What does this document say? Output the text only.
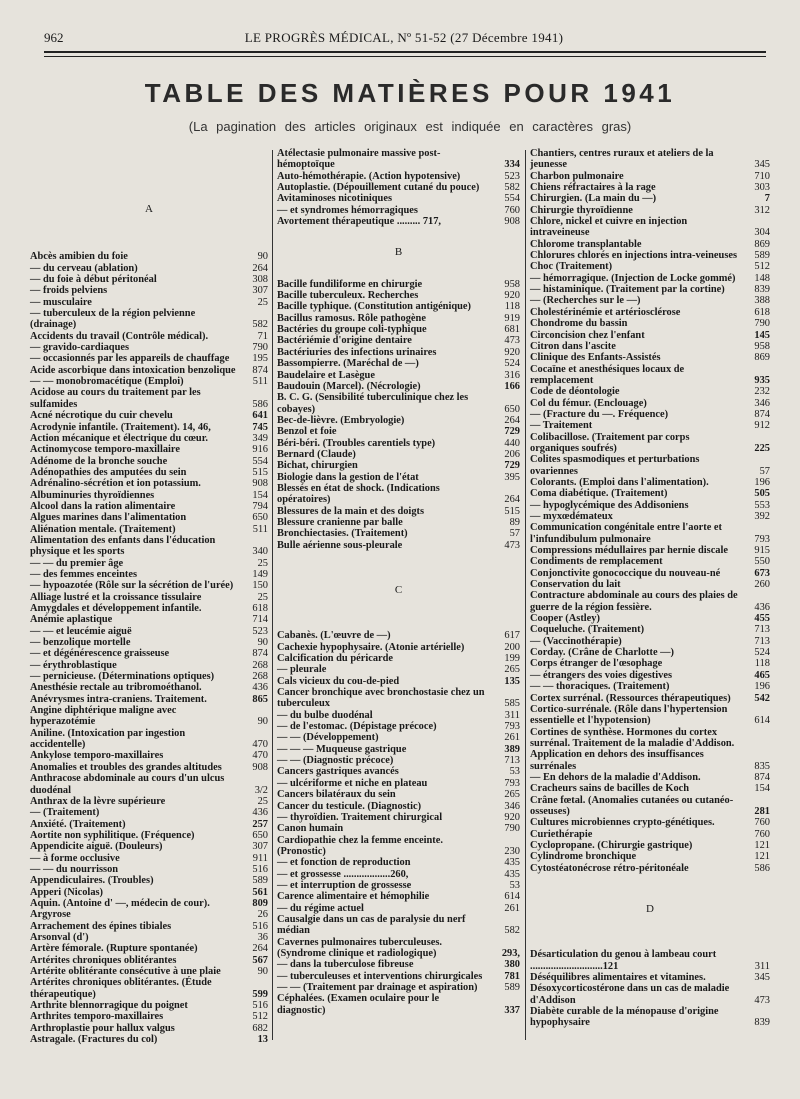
962	LE PROGRÈS MÉDICAL, Nº 51-52 (27 Décembre 1941)
TABLE DES MATIÈRES POUR 1941
(La pagination des articles originaux est indiquée en caractères gras)
A
Abcès amibien du foie	90
— du cerveau (ablation)	264
— du foie à début péritonéal	308
— froids pelviens	307
— musculaire	25
— tuberculeux de la région pelvienne (drainage)	582
Accidents du travail (Contrôle médical).	71
— gravido-cardiaques	790
— occasionnés par les appareils de chauffage 195
Acide ascorbique dans intoxication benzolique 874
— — monobromacétique (Emploi)	511
Acidose au cours du traitement par les sulfamides	586
Acné nécrotique du cuir chevelu	641
Acrodynie infantile. (Traitement). 14, 46,	745
Action mécanique et électrique du cœur.	349
Actinomycose temporo-maxillaire	916
Adénome de la bronche souche	554
Adénopathies des amputées du sein	515
Adrénalino-sécrétion et ion potassium.	908
Albuminuries thyroïdiennes	154
Alcool dans la ration alimentaire	794
Algues marines dans l'alimentation	650
Aliénation mentale. (Traitement)	511
Alimentation des enfants dans l'éducation physique et les sports	340
— — du premier âge	25
— des femmes enceintes	149
— hypoazotée (Rôle sur la sécrétion de l'urée) 150
Alliage lustré et la croissance tissulaire	25
Amygdales et développement infantile.	618
Anémie aplastique	714
— — et leucémie aiguë	523
— benzolique mortelle	90
— et dégénérescence graisseuse	874
— érythroblastique	268
— pernicieuse. (Déterminations optiques)	268
Anesthésie rectale au tribromoéthanol.	436
Anévrysmes intra-craniens. Traitement.	865
Angine diphtérique maligne avec hyperazotémie	90
Aniline. (Intoxication par ingestion accidentelle)	470
Ankylose temporo-maxillaires	470
Anomalies et troubles des grandes altitudes	908
Anthracose abdominale au cours d'un ulcus duodénal	3/2
Anthrax de la lèvre supérieure	25
— (Traitement)	436
Anxiété. (Traitement)	257
Aortite non syphilitique. (Fréquence)	650
Appendicite aiguë. (Douleurs)	307
— à forme occlusive	911
— — du nourrisson	516
Appendiculaires. (Troubles)	589
Apperi (Nicolas)	561
Aquin. (Antoine d' —, médecin de cour).	809
Argyrose	26
Arrachement des épines tibiales	516
Arsonval (d')	36
Artère fémorale. (Rupture spontanée)	264
Artérites chroniques oblitérantes	567
Artérite oblitérante consécutive à une plaie	90
Artérites chroniques oblitérantes. (Étude thérapeutique)	599
Arthrite blennorragique du poignet	516
Arthrites temporo-maxillaires	512
Arthroplastie pour hallux valgus	682
Astragale. (Fractures du col)	13
Atélectasie pulmonaire massive post-hémoptoïque	334
Auto-hémothérapie. (Action hypotensive)	523
Autoplastie. (Dépouillement cutané du pouce) 582
Avitaminoses nicotiniques	554
— et syndromes hémorragiques	760
Avortement thérapeutique ......... 717,	908
B
Bacille fundiliforme en chirurgie	958
Bacille tuberculeux. Recherches	920
Bacille typhique. (Constitution antigénique)	118
Bacillus ramosus. Rôle pathogène	919
Bactéries du groupe coli-typhique	681
Bactériémie d'origine dentaire	473
Bactériuries des infections urinaires	920
Bassompierre. (Maréchal de —)	524
Baudelaire et Lasègue	316
Baudouin (Marcel). (Nécrologie)	166
B. C. G. (Sensibilité tuberculinique chez les cobayes)	650
Bec-de-lièvre. (Embryologie)	264
Benzol et foie	729
Béri-béri. (Troubles carentiels type)	440
Bernard (Claude)	206
Bichat, chirurgien	729
Biologie dans la gestion de l'état	395
Blessés en état de shock. (Indications opératoires)	264
Blessures de la main et des doigts	515
Blessure cranienne par balle	89
Bronchiectasies. (Traitement)	57
Bulle aérienne sous-pleurale	473
C
Cabanès. (L'œuvre de —)	617
Cachexie hypophysaire. (Atonie artérielle)	200
Calcification du péricarde	199
— pleurale	265
Cals vicieux du cou-de-pied	135
Cancer bronchique avec bronchostasie chez un tuberculeux	585
— du bulbe duodénal	311
— de l'estomac. (Dépistage précoce)	793
— — (Développement)	261
— — — Muqueuse gastrique	389
— — (Diagnostic précoce)	713
Cancers gastriques avancés	53
— ulcériforme et niche en plateau	793
Cancers bilatéraux du sein	265
Cancer du testicule. (Diagnostic)	346
— thyroïdien. Traitement chirurgical	920
Canon humain	790
Cardiopathie chez la femme enceinte. (Pronostic)	230
— et fonction de reproduction	435
— et grossesse ..................260,	435
— et interruption de grossesse	53
Carence alimentaire et hémophilie	614
— du régime actuel	261
Causalgie dans un cas de paralysie du nerf médian	582
Cavernes pulmonaires tuberculeuses. (Syndrome clinique et radiologique)	293,
— dans la tuberculose fibreuse	380
— tuberculeuses et interventions chirurgicales 781
— — (Traitement par drainage et aspiration)	589
Céphalées. (Examen oculaire pour le diagnostic)	337
Chantiers, centres ruraux et ateliers de la jeunesse	345
Charbon pulmonaire	710
Chiens réfractaires à la rage	303
Chirurgien. (La main du —)	7
Chirurgie thyroïdienne	312
Chlore, nickel et cuivre en injection intraveineuse	304
Chlorome transplantable	869
Chlorures chlorés en injections intra-veineuses 589
Choc (Traitement)	512
— hémorragique. (Injection de Locke gommé) 148
— histaminique. (Traitement par la cortine)	839
— (Recherches sur le —)	388
Cholestérinémie et artériosclérose	618
Chondrome du bassin	790
Circoncision chez l'enfant	145
Citron dans l'ascite	958
Clinique des Enfants-Assistés	869
Cocaïne et anesthésiques locaux de remplacement	935
Code de déontologie	232
Col du fémur. (Enclouage)	346
— (Fracture du —. Fréquence)	874
— Traitement	912
Colibacillose. (Traitement par corps organiques soufrés)	225
Colites spasmodiques et perturbations ovariennes	57
Colorants. (Emploi dans l'alimentation).	196
Coma diabétique. (Traitement)	505
— hypoglycémique des Addisoniens	553
— myxœdémateux	392
Communication congénitale entre l'aorte et l'infundibulum pulmonaire	793
Compressions médullaires par hernie discale	915
Condiments de remplacement	550
Conjonctivite gonococcique du nouveau-né	673
Conservation du lait	260
Contracture abdominale au cours des plaies de guerre de la région fessière.	436
Cooper (Astley)	455
Coqueluche. (Traitement)	713
— (Vaccinothérapie)	713
Corday. (Crâne de Charlotte —)	524
Corps étranger de l'œsophage	118
— étrangers des voies digestives	465
— — thoraciques. (Traitement)	196
Cortex surrénal. (Ressources thérapeutiques) 542
Cortico-surrénale. (Rôle dans l'hypertension essentielle et l'hypotension)	614
Cortines de synthèse. Hormones du cortex surrénal. Traitement de la maladie d'Addison. Application en dehors des insuffisances surrénales	835
— En dehors de la maladie d'Addison.	874
Cracheurs sains de bacilles de Koch	154
Crâne fœtal. (Anomalies cutanées ou cutanéo-osseuses)	281
Cultures microbiennes crypto-génétiques.	760
Curiethérapie	760
Cyclopropane. (Chirurgie gastrique)	121
Cylindrome bronchique	121
Cytostéatonécrose rétro-péritonéale	586
D
Désarticulation du genou à lambeau court ............................121	311
Déséquilibres alimentaires et vitamines.	345
Désoxycorticostérone dans un cas de maladie d'Addison	473
Diabète curable de la ménopause d'origine hypophysaire	839
